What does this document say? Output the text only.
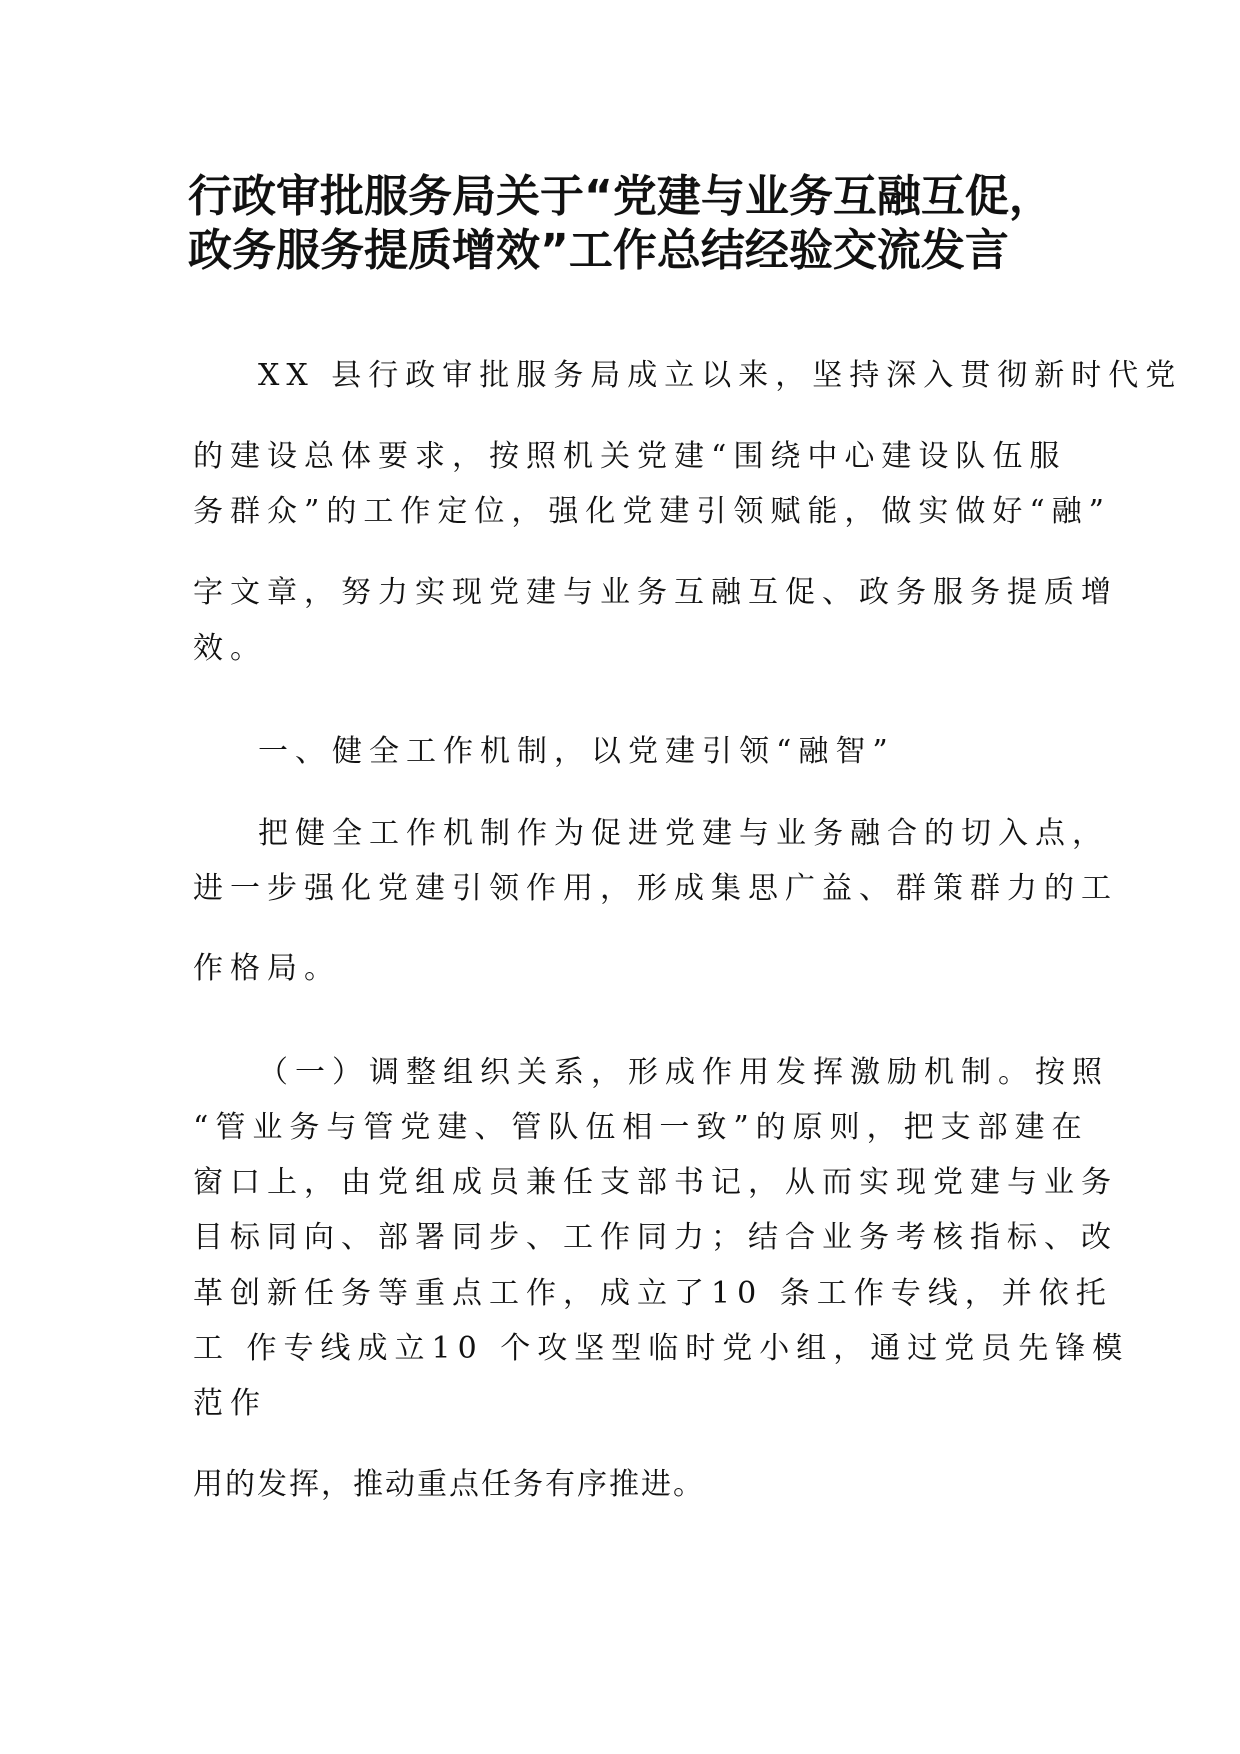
行政审批服务局关于“党建与业务互融互促，
政务服务提质增效”工作总结经验交流发言

XX 县行政审批服务局成立以来，坚持深入贯彻新时代党

的建设总体要求，按照机关党建“围绕中心建设队伍服

务群众”的工作定位，强化党建引领赋能，做实做好“融”

字文章，努力实现党建与业务互融互促、政务服务提质增

效。

一、健全工作机制，以党建引领“融智”

把健全工作机制作为促进党建与业务融合的切入点，

进一步强化党建引领作用，形成集思广益、群策群力的工

作格局。

（一）调整组织关系，形成作用发挥激励机制。按照

“管业务与管党建、管队伍相一致”的原则，把支部建在

窗口上，由党组成员兼任支部书记，从而实现党建与业务

目标同向、部署同步、工作同力；结合业务考核指标、改

革创新任务等重点工作，成立了10 条工作专线，并依托

工 作专线成立10 个攻坚型临时党小组，通过党员先锋模

范作

用的发挥，推动重点任务有序推进。
